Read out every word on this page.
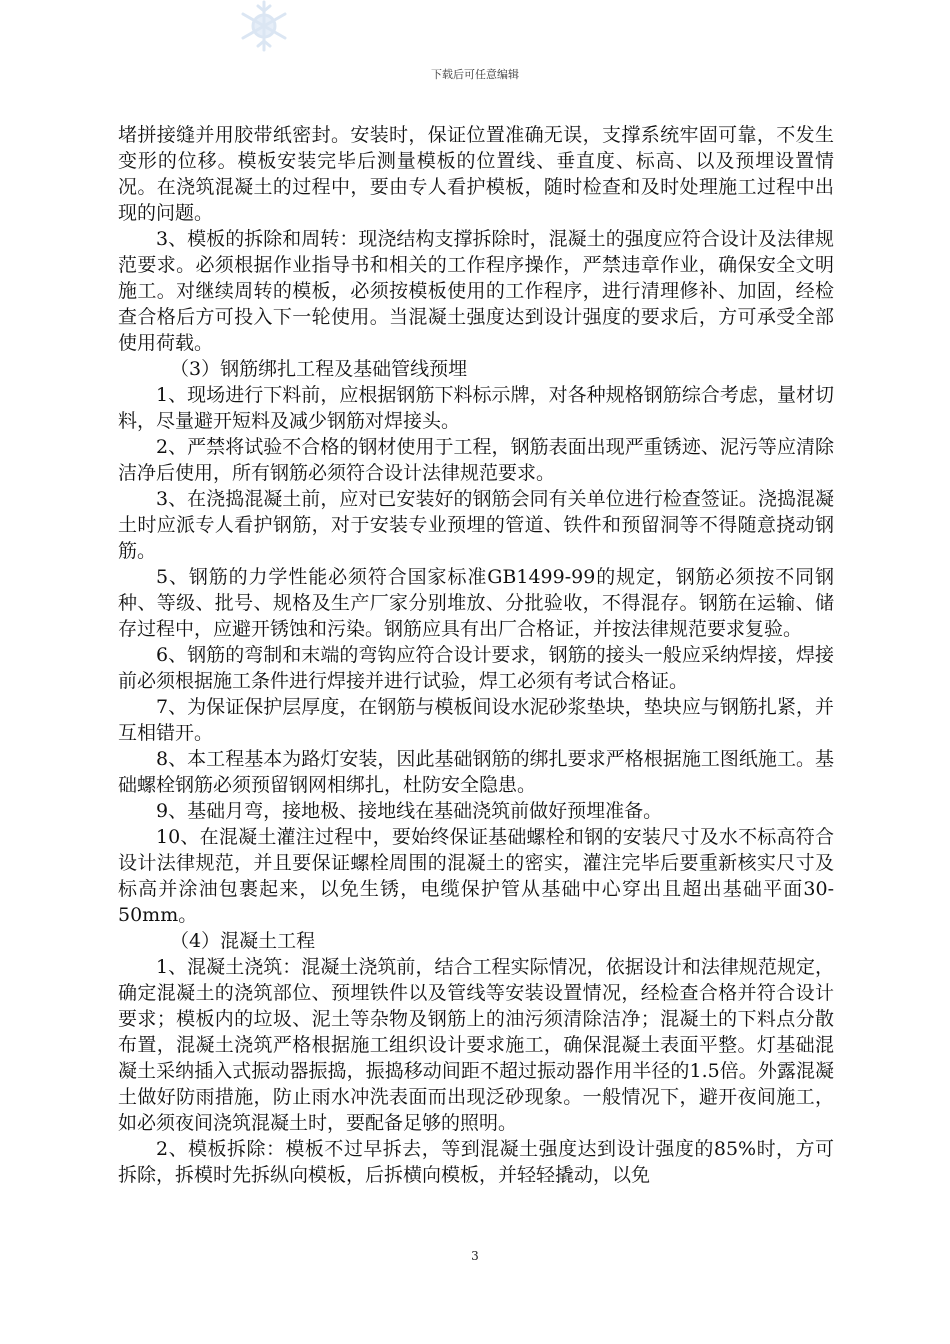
下载后可任意编辑

堵拼接缝并用胶带纸密封。安装时，保证位置准确无误，支撑系统牢固可靠，不发生变形的位移。模板安装完毕后测量模板的位置线、垂直度、标高、以及预埋设置情况。在浇筑混凝土的过程中，要由专人看护模板，随时检查和及时处理施工过程中出现的问题。

3、模板的拆除和周转：现浇结构支撑拆除时，混凝土的强度应符合设计及法律规范要求。必须根据作业指导书和相关的工作程序操作，严禁违章作业，确保安全文明施工。对继续周转的模板，必须按模板使用的工作程序，进行清理修补、加固，经检查合格后方可投入下一轮使用。当混凝土强度达到设计强度的要求后，方可承受全部使用荷载。

（3）钢筋绑扎工程及基础管线预埋

1、现场进行下料前，应根据钢筋下料标示牌，对各种规格钢筋综合考虑，量材切料，尽量避开短料及减少钢筋对焊接头。

2、严禁将试验不合格的钢材使用于工程，钢筋表面出现严重锈迹、泥污等应清除洁净后使用，所有钢筋必须符合设计法律规范要求。

3、在浇捣混凝土前，应对已安装好的钢筋会同有关单位进行检查签证。浇捣混凝土时应派专人看护钢筋，对于安装专业预埋的管道、铁件和预留洞等不得随意挠动钢筋。

5、钢筋的力学性能必须符合国家标准GB1499-99的规定，钢筋必须按不同钢种、等级、批号、规格及生产厂家分别堆放、分批验收，不得混存。钢筋在运输、储存过程中，应避开锈蚀和污染。钢筋应具有出厂合格证，并按法律规范要求复验。

6、钢筋的弯制和末端的弯钩应符合设计要求，钢筋的接头一般应采纳焊接，焊接前必须根据施工条件进行焊接并进行试验，焊工必须有考试合格证。

7、为保证保护层厚度，在钢筋与模板间设水泥砂浆垫块，垫块应与钢筋扎紧，并互相错开。

8、本工程基本为路灯安装，因此基础钢筋的绑扎要求严格根据施工图纸施工。基础螺栓钢筋必须预留钢网相绑扎，杜防安全隐患。

9、基础月弯，接地极、接地线在基础浇筑前做好预埋准备。

10、在混凝土灌注过程中，要始终保证基础螺栓和钢的安装尺寸及水不标高符合设计法律规范，并且要保证螺栓周围的混凝土的密实，灌注完毕后要重新核实尺寸及标高并涂油包裹起来，以免生锈，电缆保护管从基础中心穿出且超出基础平面30-50mm。

（4）混凝土工程

1、混凝土浇筑：混凝土浇筑前，结合工程实际情况，依据设计和法律规范规定，确定混凝土的浇筑部位、预埋铁件以及管线等安装设置情况，经检查合格并符合设计要求；模板内的垃圾、泥土等杂物及钢筋上的油污须清除洁净；混凝土的下料点分散布置，混凝土浇筑严格根据施工组织设计要求施工，确保混凝土表面平整。灯基础混凝土采纳插入式振动器振捣，振捣移动间距不超过振动器作用半径的1.5倍。外露混凝土做好防雨措施，防止雨水冲洗表面而出现泛砂现象。一般情况下，避开夜间施工，如必须夜间浇筑混凝土时，要配备足够的照明。

2、模板拆除：模板不过早拆去，等到混凝土强度达到设计强度的85%时，方可拆除，拆模时先拆纵向模板，后拆横向模板，并轻轻撬动，以免

3
